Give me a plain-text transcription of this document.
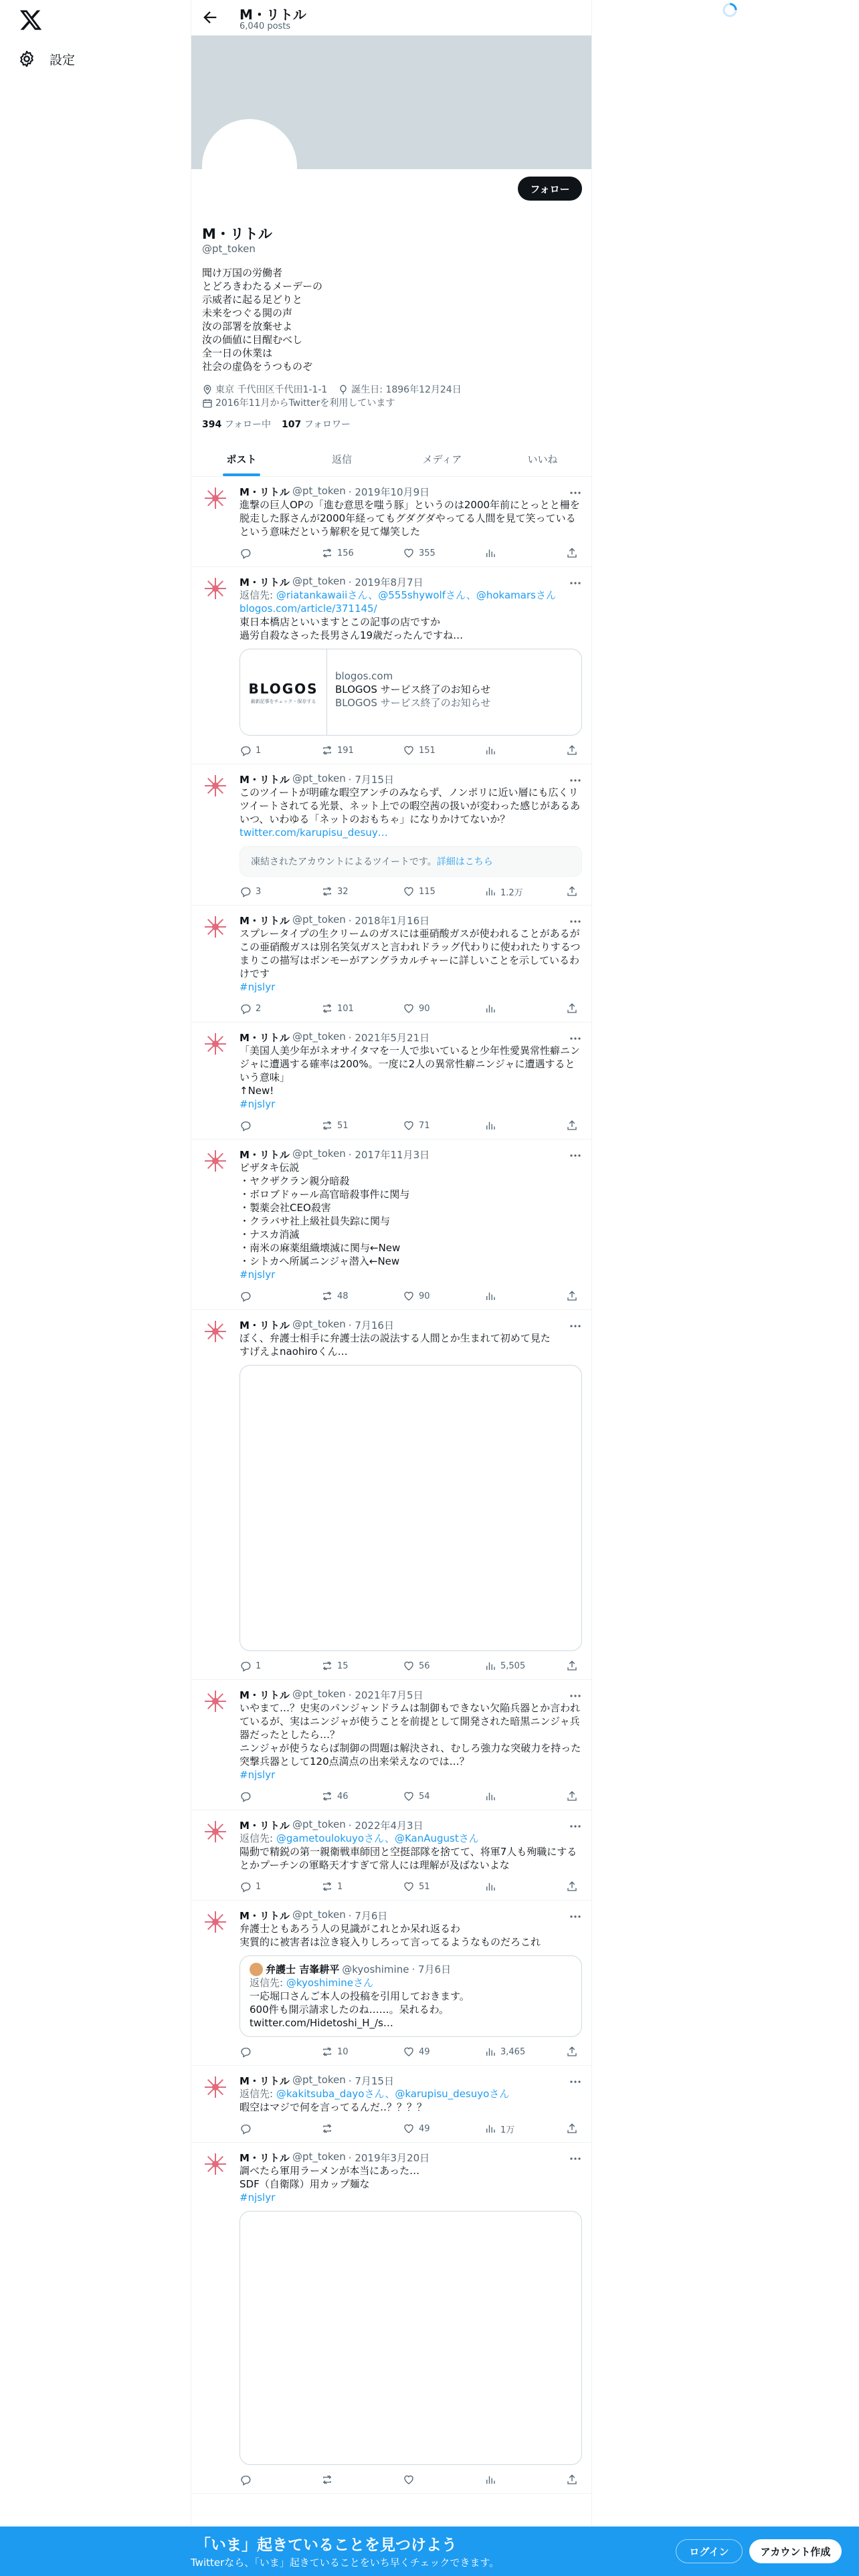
設定
M・リトル
6,040 posts
フォロー
M・リトル
@pt_token
聞け万国の労働者
とどろきわたるメーデーの
示威者に起る足どりと
未来をつぐる閧の声
汝の部署を放棄せよ
汝の価値に目醒むべし
全一日の休業は
社会の虚偽をうつものぞ
東京 千代田区千代田1-1-1	誕生日: 1896年12月24日
2016年11月からTwitterを利用しています
394 フォロー中 107 フォロワー
ポスト	返信	メディア	いいね
M・リトル @pt_token · 2019年10月9日
進撃の巨人OPの「進む意思を嗤う豚」というのは2000年前にとっとと柵を脱走した豚さんが2000年経ってもグダグダやってる人間を見て笑っているという意味だという解釈を見て爆笑した
156	355
M・リトル @pt_token · 2019年8月7日
返信先: @riatankawaiiさん、@555shywolfさん、@hokamarsさん
blogos.com/article/371145/
東日本橋店といいますとこの記事の店ですか
過労自殺なさった長男さん19歳だったんですね…
BLOGOS
最新記事をチェック・保存する
blogos.com
BLOGOS サービス終了のお知らせ
BLOGOS サービス終了のお知らせ
1	191	151
M・リトル @pt_token · 7月15日
このツイートが明確な暇空アンチのみならず、ノンポリに近い層にも広くリツイートされてる光景、ネット上での暇空茜の扱いが変わった感じがあるあいつ、いわゆる「ネットのおもちゃ」になりかけてないか？
twitter.com/karupisu_desuy…
凍結されたアカウントによるツイートです。詳細はこちら
3	32	115	1.2万
M・リトル @pt_token · 2018年1月16日
スプレータイプの生クリームのガスには亜硝酸ガスが使われることがあるがこの亜硝酸ガスは別名笑気ガスと言われドラッグ代わりに使われたりするつまりこの描写はボンモーがアングラカルチャーに詳しいことを示しているわけです
#njslyr
2	101	90
M・リトル @pt_token · 2021年5月21日
「美国人美少年がネオサイタマを一人で歩いていると少年性愛異常性癖ニンジャに遭遇する確率は200%。一度に2人の異常性癖ニンジャに遭遇するという意味」
↑New!
#njslyr
51	71
M・リトル @pt_token · 2017年11月3日
ピザタキ伝説
・ヤクザクラン親分暗殺
・ボロブドゥール高官暗殺事件に関与
・製薬会社CEO殺害
・クラバサ社上級社員失踪に関与
・ナスカ消滅
・南米の麻薬組織壊滅に関与←New
・シトカへ所属ニンジャ潜入←New
#njslyr
48	90
M・リトル @pt_token · 7月16日
ぼく、弁護士相手に弁護士法の説法する人間とか生まれて初めて見た
すげえよnaohiroくん…
1	15	56	5,505
M・リトル @pt_token · 2021年7月5日
いやまて…？史実のパンジャンドラムは制御もできない欠陥兵器とか言われているが、実はニンジャが使うことを前提として開発された暗黒ニンジャ兵器だったとしたら…？
ニンジャが使うならば制御の問題は解決され、むしろ強力な突破力を持った突撃兵器として120点満点の出来栄えなのでは…？
#njslyr
46	54
M・リトル @pt_token · 2022年4月3日
返信先: @gametoulokuyoさん、@KanAugustさん
陽動で精鋭の第一親衛戦車師団と空挺部隊を捨てて、将軍7人も殉職にするとかプーチンの軍略天才すぎて常人には理解が及ばないよな
1	1	51
M・リトル @pt_token · 7月6日
弁護士ともあろう人の見識がこれとか呆れ返るわ
実質的に被害者は泣き寝入りしろって言ってるようなものだろこれ
弁護士 吉峯耕平 @kyoshimine · 7月6日
返信先: @kyoshimineさん
一応堀口さんご本人の投稿を引用しておきます。
600件も開示請求したのね……。呆れるわ。
twitter.com/Hidetoshi_H_/s…
10	49	3,465
M・リトル @pt_token · 7月15日
返信先: @kakitsuba_dayoさん、@karupisu_desuyoさん
暇空はマジで何を言ってるんだ‥？？？？
49	1万
M・リトル @pt_token · 2019年3月20日
調べたら軍用ラーメンが本当にあった…
SDF（自衛隊）用カップ麺な
#njslyr
「いま」起きていることを見つけよう
Twitterなら、「いま」起きていることをいち早くチェックできます。
ログイン	アカウント作成
